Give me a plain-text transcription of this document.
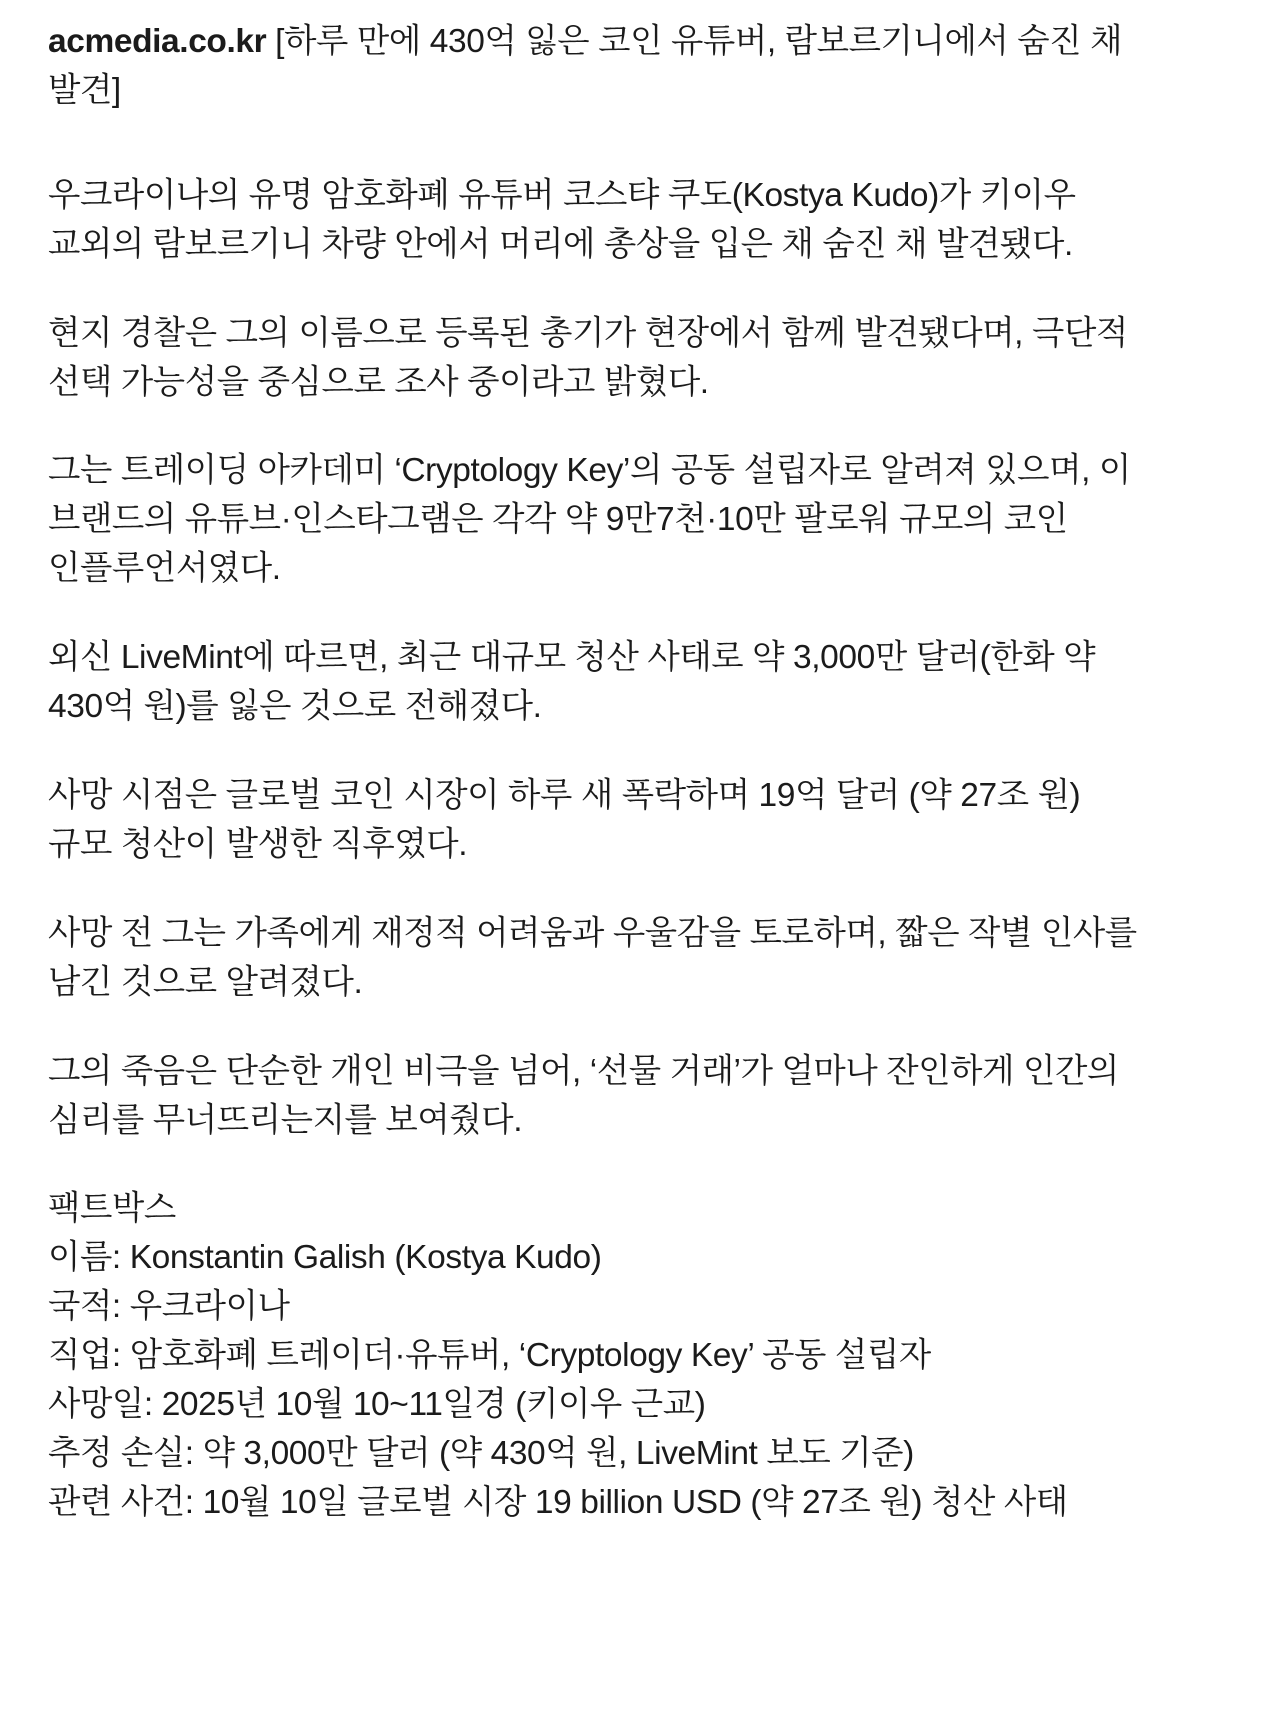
acmedia.co.kr [하루 만에 430억 잃은 코인 유튜버, 람보르기니에서 숨진 채 발견]

우크라이나의 유명 암호화폐 유튜버 코스탸 쿠도(Kostya Kudo)가 키이우 교외의 람보르기니 차량 안에서 머리에 총상을 입은 채 숨진 채 발견됐다.

현지 경찰은 그의 이름으로 등록된 총기가 현장에서 함께 발견됐다며, 극단적 선택 가능성을 중심으로 조사 중이라고 밝혔다.

그는 트레이딩 아카데미 ‘Cryptology Key’의 공동 설립자로 알려져 있으며, 이 브랜드의 유튜브·인스타그램은 각각 약 9만7천·10만 팔로워 규모의 코인 인플루언서였다.

외신 LiveMint에 따르면, 최근 대규모 청산 사태로 약 3,000만 달러(한화 약 430억 원)를 잃은 것으로 전해졌다.

사망 시점은 글로벌 코인 시장이 하루 새 폭락하며 19억 달러 (약 27조 원) 규모 청산이 발생한 직후였다.

사망 전 그는 가족에게 재정적 어려움과 우울감을 토로하며, 짧은 작별 인사를 남긴 것으로 알려졌다.

그의 죽음은 단순한 개인 비극을 넘어, ‘선물 거래’가 얼마나 잔인하게 인간의 심리를 무너뜨리는지를 보여줬다.

팩트박스

이름: Konstantin Galish (Kostya Kudo)

국적: 우크라이나

직업: 암호화폐 트레이더·유튜버, ‘Cryptology Key’ 공동 설립자

사망일: 2025년 10월 10~11일경 (키이우 근교)

추정 손실: 약 3,000만 달러 (약 430억 원, LiveMint 보도 기준)

관련 사건: 10월 10일 글로벌 시장 19 billion USD (약 27조 원) 청산 사태
